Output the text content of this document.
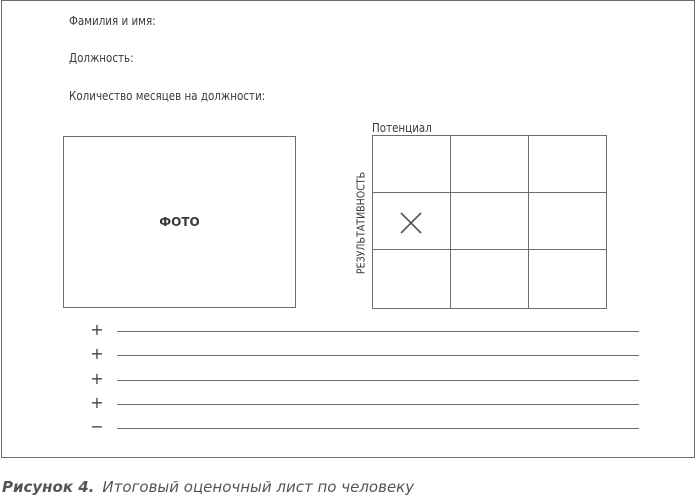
Фамилия и имя:
Должность:
Количество месяцев на должности:
ФОТО
Потенциал
РЕЗУЛЬТАТИВНОСТЬ
+
+
+
+
−
Рисунок 4. Итоговый оценочный лист по человеку
